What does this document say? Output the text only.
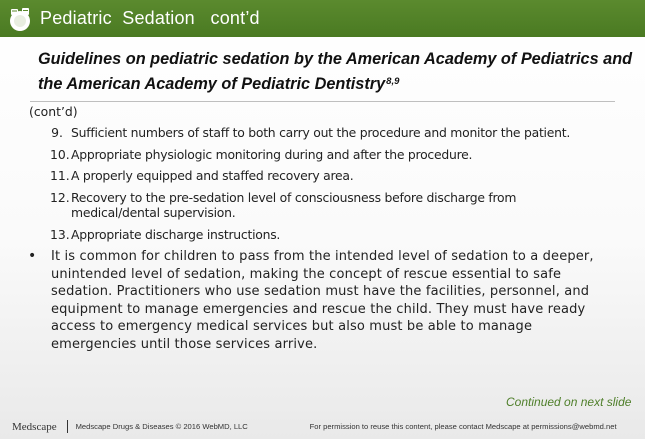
Pediatric  Sedation   cont’d
Guidelines on pediatric sedation by the American Academy of Pediatrics and the American Academy of Pediatric Dentistry$^{8,9}$
(cont’d)
9. Sufficient numbers of staff to both carry out the procedure and monitor the patient.
10. Appropriate physiologic monitoring during and after the procedure.
11. A properly equipped and staffed recovery area.
12. Recovery to the pre-sedation level of consciousness before discharge from medical/dental supervision.
13. Appropriate discharge instructions.
•	It is common for children to pass from the intended level of sedation to a deeper, unintended level of sedation, making the concept of rescue essential to safe sedation. Practitioners who use sedation must have the facilities, personnel, and equipment to manage emergencies and rescue the child. They must have ready access to emergency medical services but also must be able to manage emergencies until those services arrive.
Continued on next slide
Medscape	Medscape Drugs & Diseases © 2016 WebMD, LLC	For permission to reuse this content, please contact Medscape at permissions@webmd.net
